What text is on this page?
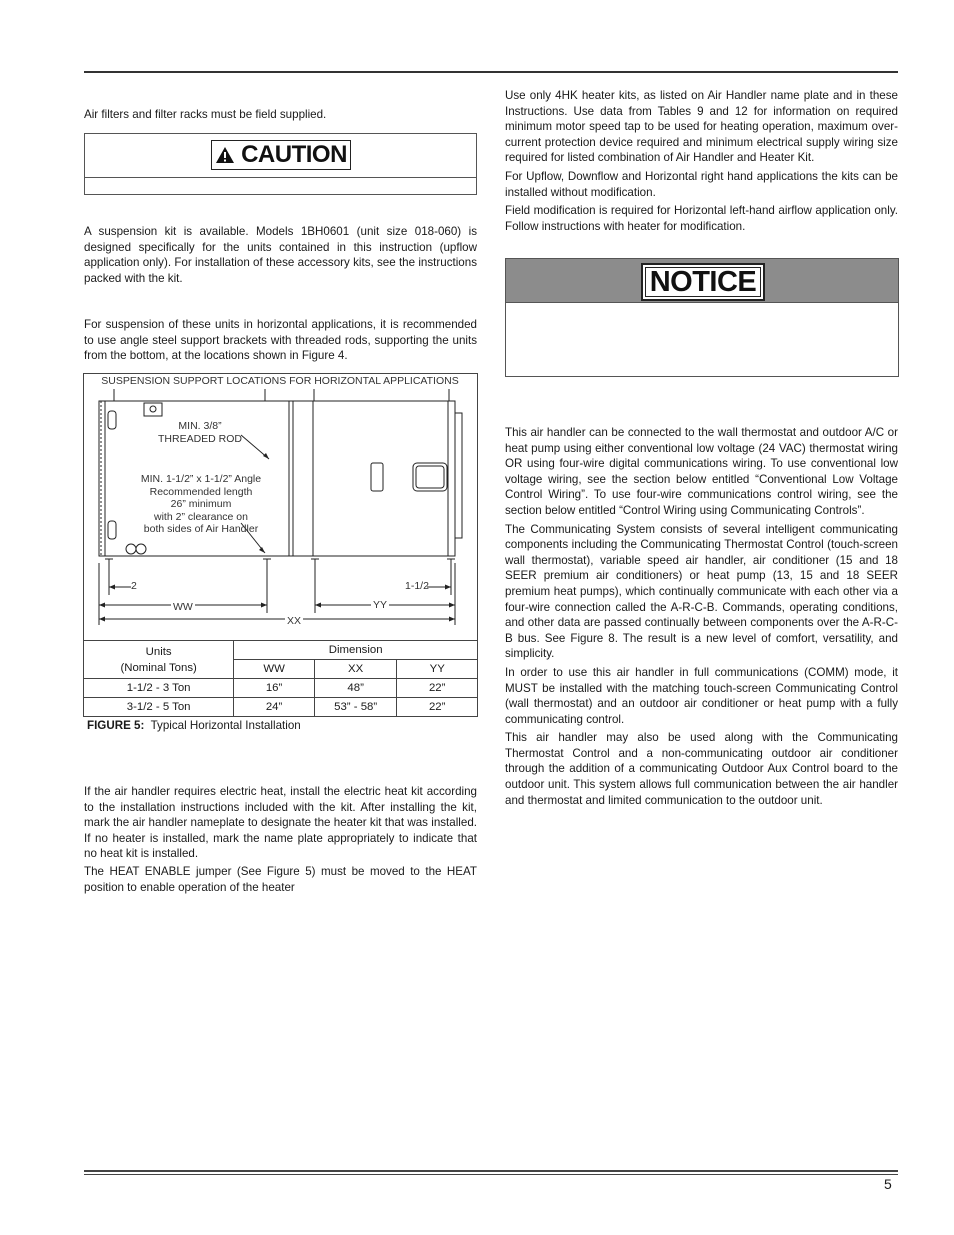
Air filters and filter racks must be field supplied.

CAUTION

A suspension kit is available. Models 1BH0601 (unit size 018-060) is designed specifically for the units contained in this instruction (upflow application only). For installation of these accessory kits, see the instructions packed with the kit.

For suspension of these units in horizontal applications, it is recommended to use angle steel support brackets with threaded rods, supporting the units from the bottom, at the locations shown in Figure 4.

SUSPENSION SUPPORT LOCATIONS FOR HORIZONTAL APPLICATIONS
MIN. 3/8”
THREADED ROD
MIN. 1-1/2” x 1-1/2” Angle
Recommended length
26” minimum
with 2” clearance on
both sides of Air Handler
2	1-1/2
WW	YY
XX
Units
(Nominal Tons)	Dimension		
	WW	XX	YY
1-1/2 - 3 Ton	16”	48”	22”
3-1/2 - 5 Ton	24”	53” - 58”	22”
FIGURE 5: Typical Horizontal Installation

If the air handler requires electric heat, install the electric heat kit according to the installation instructions included with the kit. After installing the kit, mark the air handler nameplate to designate the heater kit that was installed. If no heater is installed, mark the name plate appropriately to indicate that no heat kit is installed.

The HEAT ENABLE jumper (See Figure 5) must be moved to the HEAT position to enable operation of the heater

Use only 4HK heater kits, as listed on Air Handler name plate and in these Instructions. Use data from Tables 9 and 12 for information on required minimum motor speed tap to be used for heating operation, maximum over-current protection device required and minimum electrical supply wiring size required for listed combination of Air Handler and Heater Kit.

For Upflow, Downflow and Horizontal right hand applications the kits can be installed without modification.

Field modification is required for Horizontal left-hand airflow application only. Follow instructions with heater for modification.

NOTICE

This air handler can be connected to the wall thermostat and outdoor A/C or heat pump using either conventional low voltage (24 VAC) thermostat wiring OR using four-wire digital communications wiring. To use conventional low voltage wiring, see the section below entitled “Conventional Low Voltage Control Wiring”. To use four-wire communications control wiring, see the section below entitled “Control Wiring using Communicating Controls”.

The Communicating System consists of several intelligent communicating components including the Communicating Thermostat Control (touch-screen wall thermostat), variable speed air handler, air conditioner (15 and 18 SEER premium air conditioners) or heat pump (13, 15 and 18 SEER premium heat pumps), which continually communicate with each other via a four-wire connection called the A-R-C-B. Commands, operating conditions, and other data are passed continually between components over the A-R-C-B bus. See Figure 8. The result is a new level of comfort, versatility, and simplicity.

In order to use this air handler in full communications (COMM) mode, it MUST be installed with the matching touch-screen Communicating Control (wall thermostat) and an outdoor air conditioner or heat pump with a fully communicating control.

This air handler may also be used along with the Communicating Thermostat Control and a non-communicating outdoor air conditioner through the addition of a communicating Outdoor Aux Control board to the outdoor unit. This system allows full communication between the air handler and thermostat and limited communication to the outdoor unit.

5
